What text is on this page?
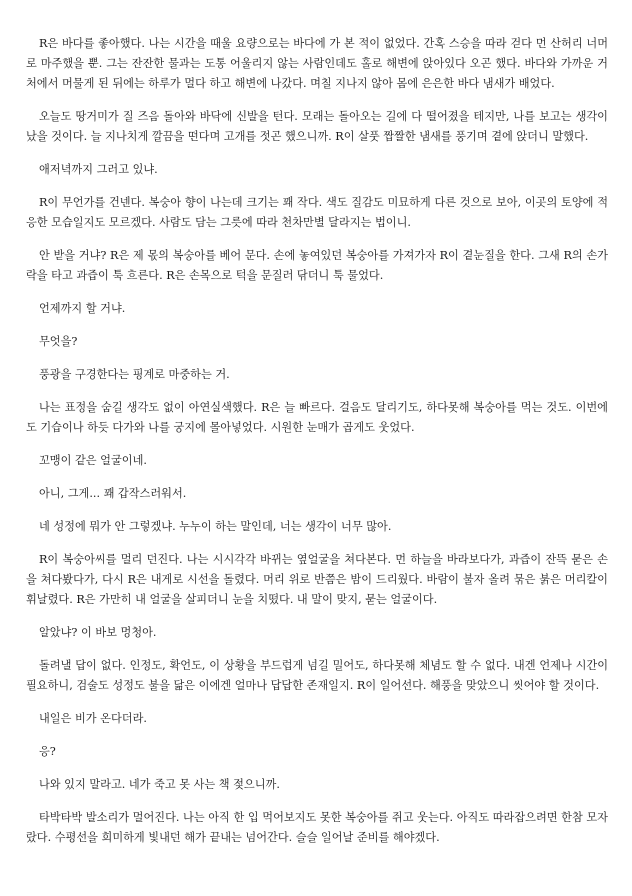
R은 바다를 좋아했다. 나는 시간을 때울 요량으로는 바다에 가 본 적이 없었다. 간혹 스승을 따라 걷다 먼 산허리 너머로 마주했을 뿐. 그는 잔잔한 물과는 도통 어울리지 않는 사람인데도 홀로 해변에 앉아있다 오곤 했다. 바다와 가까운 거처에서 머물게 된 뒤에는 하루가 멀다 하고 해변에 나갔다. 며칠 지나지 않아 몸에 은은한 바다 냄새가 배었다.

오늘도 땅거미가 질 즈음 돌아와 바닥에 신발을 턴다. 모래는 돌아오는 길에 다 떨어졌을 테지만, 나를 보고는 생각이 났을 것이다. 늘 지나치게 깔끔을 떤다며 고개를 젓곤 했으니까. R이 살풋 짭짤한 냄새를 풍기며 곁에 앉더니 말했다.

애저녁까지 그러고 있냐.

R이 무언가를 건넨다. 복숭아 향이 나는데 크기는 꽤 작다. 색도 질감도 미묘하게 다른 것으로 보아, 이곳의 토양에 적응한 모습일지도 모르겠다. 사람도 담는 그릇에 따라 천차만별 달라지는 법이니.

안 받을 거냐? R은 제 몫의 복숭아를 베어 문다. 손에 놓여있던 복숭아를 가져가자 R이 곁눈질을 한다. 그새 R의 손가락을 타고 과즙이 툭 흐른다. R은 손목으로 턱을 문질러 닦더니 툭 물었다.

언제까지 할 거냐.

무엇을?

풍광을 구경한다는 핑계로 마중하는 거.

나는 표정을 숨길 생각도 없이 아연실색했다. R은 늘 빠르다. 걸음도 달리기도, 하다못해 복숭아를 먹는 것도. 이번에도 기습이나 하듯 다가와 나를 궁지에 몰아넣었다. 시원한 눈매가 곱게도 웃었다.

꼬맹이 같은 얼굴이네.

아니, 그게... 꽤 갑작스러워서.

네 성정에 뭐가 안 그렇겠냐. 누누이 하는 말인데, 너는 생각이 너무 많아.

R이 복숭아씨를 멀리 던진다. 나는 시시각각 바뀌는 옆얼굴을 쳐다본다. 먼 하늘을 바라보다가, 과즙이 잔뜩 묻은 손을 쳐다봤다가, 다시 R은 내게로 시선을 돌렸다. 머리 위로 반쯤은 밤이 드리웠다. 바람이 불자 올려 묶은 붉은 머리칼이 휘날렸다. R은 가만히 내 얼굴을 살피더니 눈을 치떴다. 내 말이 맞지, 묻는 얼굴이다.

알았냐? 이 바보 멍청아.

돌려낼 답이 없다. 인정도, 확언도, 이 상황을 부드럽게 넘길 밀어도, 하다못해 체념도 할 수 없다. 내겐 언제나 시간이 필요하니, 검술도 성정도 불을 닮은 이에겐 얼마나 답답한 존재일지. R이 일어선다. 해풍을 맞았으니 씻어야 할 것이다.

내일은 비가 온다더라.

응?

나와 있지 말라고. 네가 죽고 못 사는 책 젖으니까.

타박타박 발소리가 멀어진다. 나는 아직 한 입 먹어보지도 못한 복숭아를 쥐고 웃는다. 아직도 따라잡으려면 한참 모자랐다. 수평선을 희미하게 빛내던 해가 끝내는 넘어간다. 슬슬 일어날 준비를 해야겠다.
